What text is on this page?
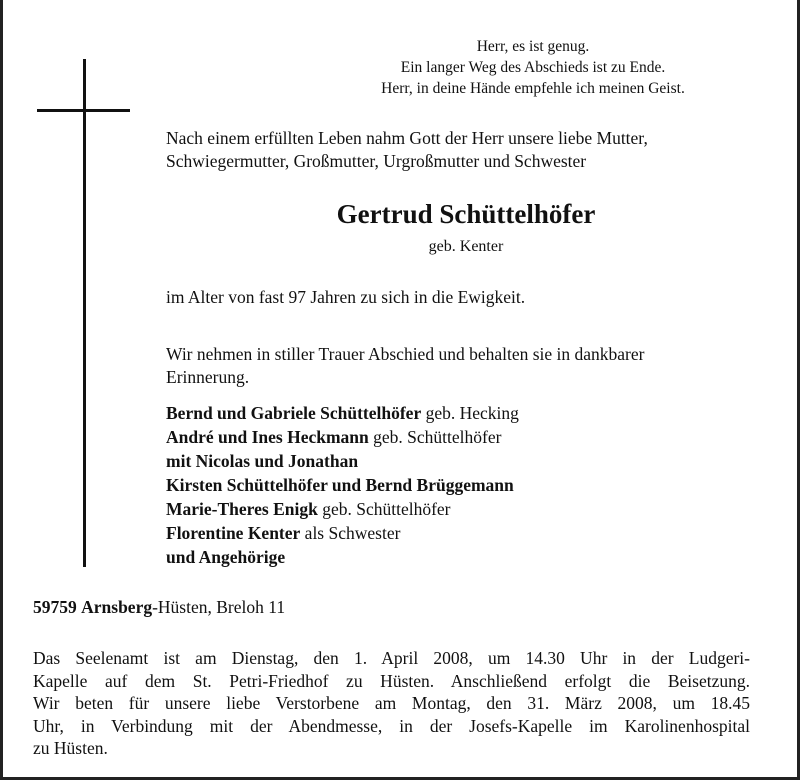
Herr, es ist genug.
Ein langer Weg des Abschieds ist zu Ende.
Herr, in deine Hände empfehle ich meinen Geist.
Nach einem erfüllten Leben nahm Gott der Herr unsere liebe Mutter,
Schwiegermutter, Großmutter, Urgroßmutter und Schwester
Gertrud Schüttelhöfer
geb. Kenter
im Alter von fast 97 Jahren zu sich in die Ewigkeit.
Wir nehmen in stiller Trauer Abschied und behalten sie in dankbarer
Erinnerung.
Bernd und Gabriele Schüttelhöfer geb. Hecking
André und Ines Heckmann geb. Schüttelhöfer
mit Nicolas und Jonathan
Kirsten Schüttelhöfer und Bernd Brüggemann
Marie-Theres Enigk geb. Schüttelhöfer
Florentine Kenter als Schwester
und Angehörige
59759 Arnsberg-Hüsten, Breloh 11
Das Seelenamt ist am Dienstag, den 1. April 2008, um 14.30 Uhr in der Ludgeri-
Kapelle auf dem St. Petri-Friedhof zu Hüsten. Anschließend erfolgt die Beisetzung.
Wir beten für unsere liebe Verstorbene am Montag, den 31. März 2008, um 18.45
Uhr, in Verbindung mit der Abendmesse, in der Josefs-Kapelle im Karolinenhospital
zu Hüsten.
